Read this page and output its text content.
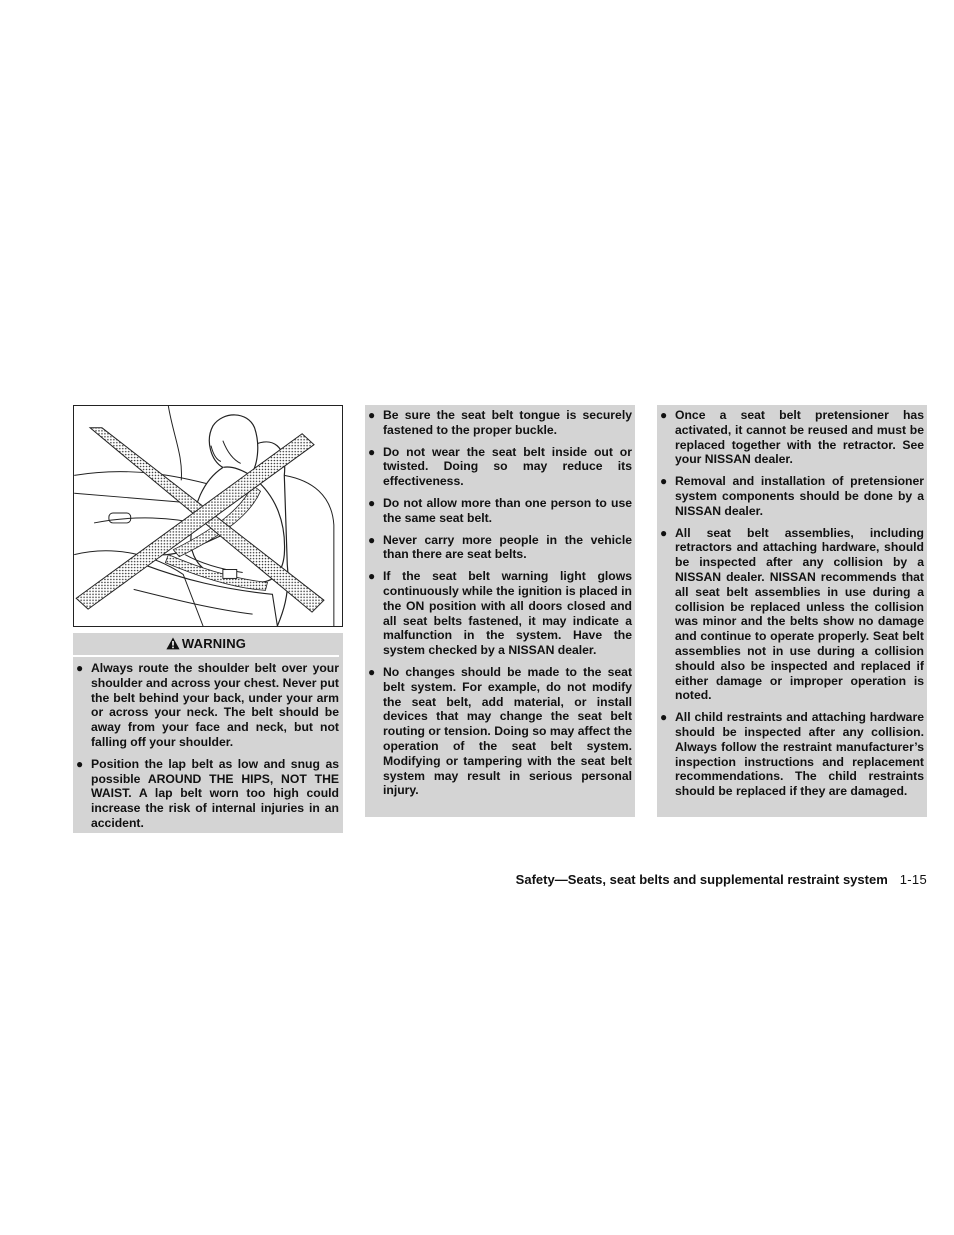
WARNING
● Always route the shoulder belt over your shoulder and across your chest. Never put the belt behind your back, under your arm or across your neck. The belt should be away from your face and neck, but not falling off your shoulder.
● Position the lap belt as low and snug as possible AROUND THE HIPS, NOT THE WAIST. A lap belt worn too high could increase the risk of internal injuries in an accident.
● Be sure the seat belt tongue is securely fastened to the proper buckle.
● Do not wear the seat belt inside out or twisted. Doing so may reduce its effectiveness.
● Do not allow more than one person to use the same seat belt.
● Never carry more people in the vehicle than there are seat belts.
● If the seat belt warning light glows continuously while the ignition is placed in the ON position with all doors closed and all seat belts fastened, it may indicate a malfunction in the system. Have the system checked by a NISSAN dealer.
● No changes should be made to the seat belt system. For example, do not modify the seat belt, add material, or install devices that may change the seat belt routing or tension. Doing so may affect the operation of the seat belt system. Modifying or tampering with the seat belt system may result in serious personal injury.
● Once a seat belt pretensioner has activated, it cannot be reused and must be replaced together with the retractor. See your NISSAN dealer.
● Removal and installation of pretensioner system components should be done by a NISSAN dealer.
● All seat belt assemblies, including retractors and attaching hardware, should be inspected after any collision by a NISSAN dealer. NISSAN recommends that all seat belt assemblies in use during a collision be replaced unless the collision was minor and the belts show no damage and continue to operate properly. Seat belt assemblies not in use during a collision should also be inspected and replaced if either damage or improper operation is noted.
● All child restraints and attaching hardware should be inspected after any collision. Always follow the restraint manufacturer’s inspection instructions and replacement recommendations. The child restraints should be replaced if they are damaged.
Safety—Seats, seat belts and supplemental restraint system 1-15
